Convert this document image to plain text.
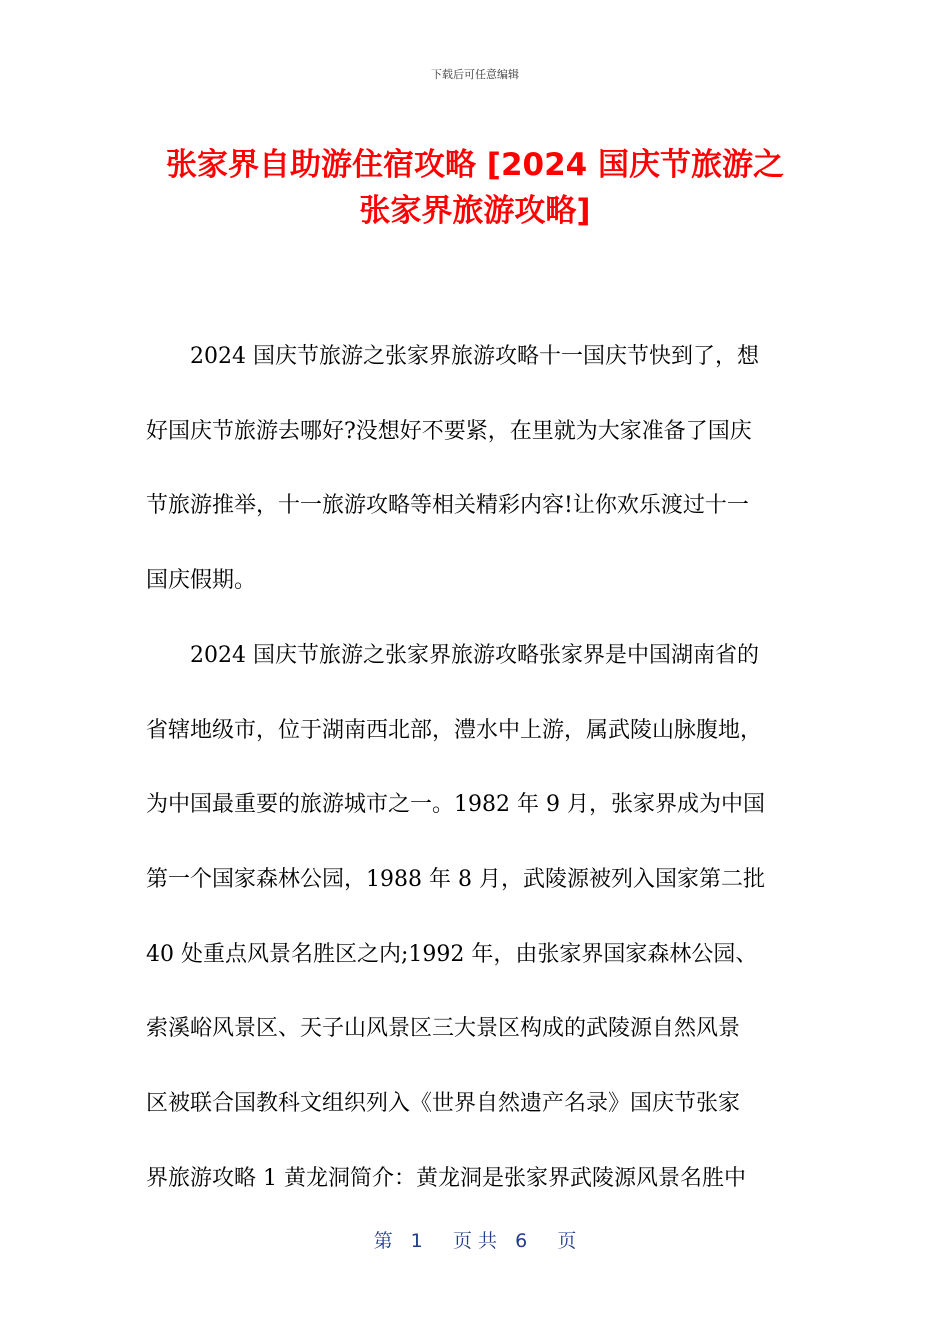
下载后可任意编辑
张家界自助游住宿攻略 [2024 国庆节旅游之
张家界旅游攻略]
2024 国庆节旅游之张家界旅游攻略十一国庆节快到了，想
好国庆节旅游去哪好?没想好不要紧，在里就为大家准备了国庆
节旅游推举，十一旅游攻略等相关精彩内容!让你欢乐渡过十一
国庆假期。
2024 国庆节旅游之张家界旅游攻略张家界是中国湖南省的
省辖地级市，位于湖南西北部，澧水中上游，属武陵山脉腹地，
为中国最重要的旅游城市之一。1982 年 9 月，张家界成为中国
第一个国家森林公园，1988 年 8 月，武陵源被列入国家第二批
40 处重点风景名胜区之内;1992 年，由张家界国家森林公园、
索溪峪风景区、天子山风景区三大景区构成的武陵源自然风景
区被联合国教科文组织列入《世界自然遗产名录》国庆节张家
界旅游攻略 1 黄龙洞简介：黄龙洞是张家界武陵源风景名胜中
第   1     页 共   6     页
